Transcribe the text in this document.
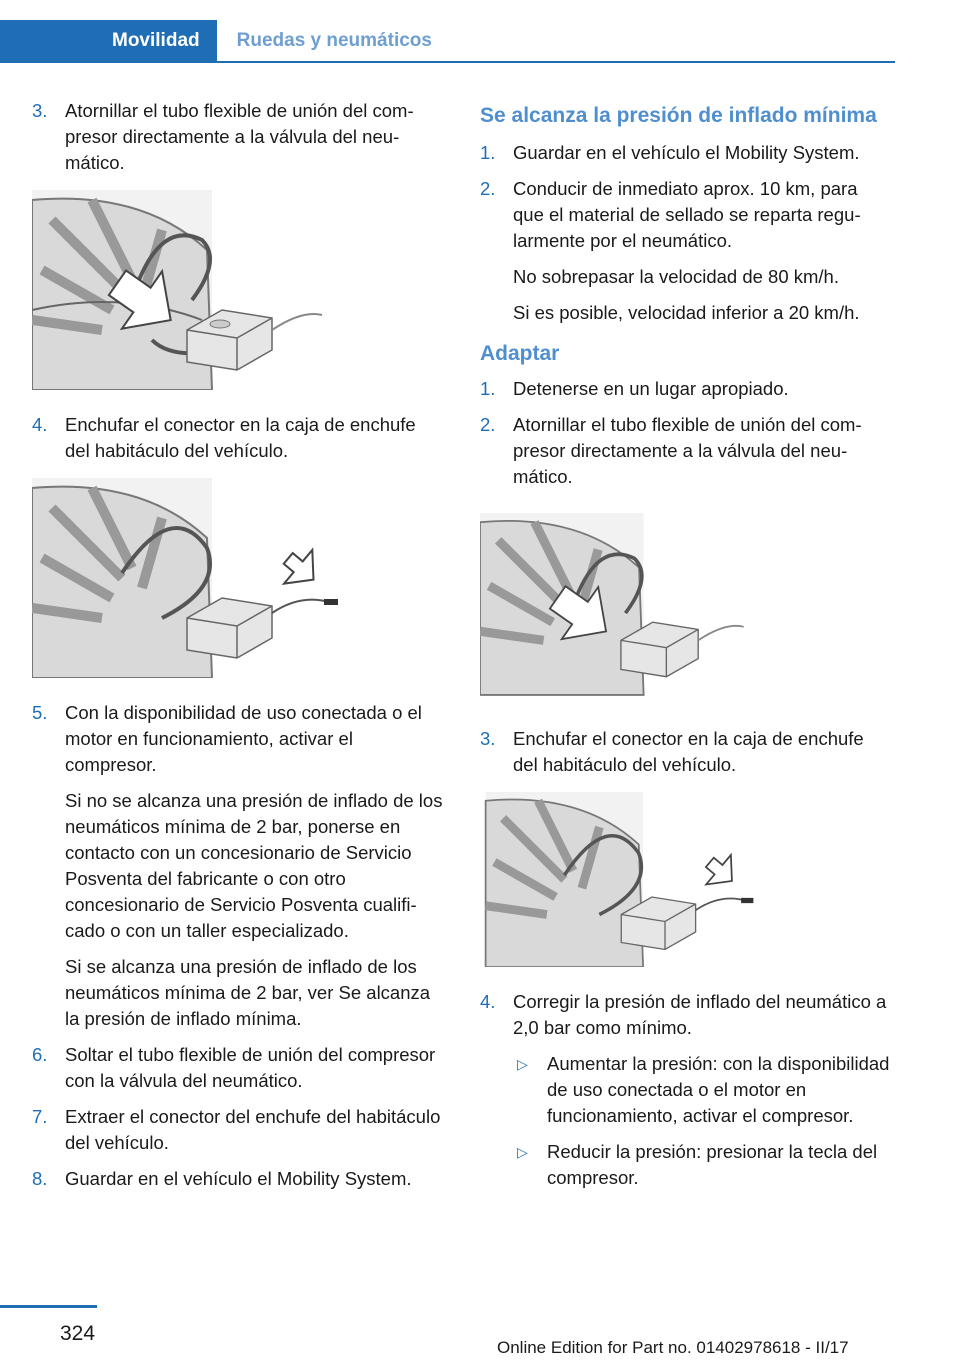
Movilidad	Ruedas y neumáticos
3. Atornillar el tubo flexible de unión del compresor directamente a la válvula del neumático.

4. Enchufar el conector en la caja de enchufe del habitáculo del vehículo.

5. Con la disponibilidad de uso conectada o el motor en funcionamiento, activar el compresor.

Si no se alcanza una presión de inflado de los neumáticos mínima de 2 bar, ponerse en contacto con un concesionario de Servicio Posventa del fabricante o con otro concesionario de Servicio Posventa cualificado o con un taller especializado.

Si se alcanza una presión de inflado de los neumáticos mínima de 2 bar, ver Se alcanza la presión de inflado mínima.

6. Soltar el tubo flexible de unión del compresor con la válvula del neumático.

7. Extraer el conector del enchufe del habitáculo del vehículo.

8. Guardar en el vehículo el Mobility System.

Se alcanza la presión de inflado mínima
1. Guardar en el vehículo el Mobility System.

2. Conducir de inmediato aprox. 10 km, para que el material de sellado se reparta regularmente por el neumático.

No sobrepasar la velocidad de 80 km/h.

Si es posible, velocidad inferior a 20 km/h.

Adaptar
1. Detenerse en un lugar apropiado.

2. Atornillar el tubo flexible de unión del compresor directamente a la válvula del neumático.

3. Enchufar el conector en la caja de enchufe del habitáculo del vehículo.

4. Corregir la presión de inflado del neumático a 2,0 bar como mínimo.

▷ Aumentar la presión: con la disponibilidad de uso conectada o el motor en funcionamiento, activar el compresor.
▷ Reducir la presión: presionar la tecla del compresor.
324
Online Edition for Part no. 01402978618 - II/17
